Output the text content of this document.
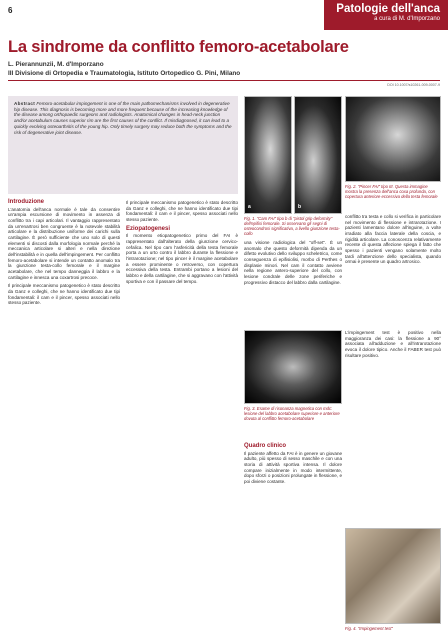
6	Patologie dell'anca
a cura di M. d'Imporzano
La sindrome da conflitto femoro-acetabolare
L. Pierannunzii, M. d'Imporzano
III Divisione di Ortopedia e Traumatologia, Istituto Ortopedico G. Pini, Milano
DOI 10.1007/s10261-009-0007-9
Abstract Femoro-acetabular impingement is one of the main pathomechanisms involved in degenerative hip disease. This diagnosis is becoming more and more frequent because of the increasing knowledge of the disease among orthopaedic surgeons and radiologists. Anatomical changes in head-neck junction and/or acetabulum causes superior rim are the first causes of the conflict. If misdiagnosed, it can lead to a quickly evolving osteoarthritis of the young hip. Only timely surgery may reduce both the symptoms and the risk of degenerative joint disease.
Introduzione

L'anatomia dell'anca normale è tale da consentire un'ampia escursione di movimento in assenza di conflitto tra i capi articolari. Il vantaggio rappresentato da un'enartrosi ben congruente è la notevole stabilità articolare e la distribuzione uniforme dei carichi sulla cartilagine. È però sufficiente che uno solo di questi elementi si discosti dalla morfologia normale perché la meccanica articolare si alteri e nella direzione dell'instabilità e in quella dell'impingement. Per conflitto femoro-acetabolare si intende un contatto anomalo tra la giunzione testa-collo femorale e il margine acetabolare, che nel tempo danneggia il labbro e la cartilagine e innesca una coxartrosi precoce.

Il principale meccanismo patogenetico è stato descritto da Ganz e colleghi, che ne hanno identificato due tipi fondamentali: il cam e il pincer, spesso associati nello stesso paziente.

Il principale meccanismo patogenetico è stato descritto da Ganz e colleghi, che ne hanno identificato due tipi fondamentali: il cam e il pincer, spesso associati nello stesso paziente.

Eziopatogenesi

Il momento etiopatogenetico primo del FAI è rappresentato dall'alterato della giunzione cervico-cefalica. Nel tipo cam l'asfericità della testa femorale porta a un urto contro il labbro durante la flessione e l'intrarotazione; nel tipo pincer è il margine acetabolare a essere prominente o retroverso, con copertura eccessiva della testa. Entrambi portano a lesioni del labbro e della cartilagine, che si aggravano con l'attività sportiva e con il passare del tempo.

a	b
Fig. 1. "Cam FAI" tipo b di "pistol grip deformity" dell'epifisi femorale. Si osservano gli segni di osteocondrosi significativa, a livello giunzione testa-collo

una visione radiologica del "off-set". È un anomalo che questo deformità dipenda da un difetto evolutivo dello sviluppo scheletrico, come conseguenza di epifisiolisi, morbo di Perthes o displasie minori. Nel cam il contatto avviene nella regione antero-superiore del collo, con lesione condrale delle zone periferiche e progressivo distacco del labbro dalla cartilagine.

Fig. 2. "Pincer FAI" tipo III. Questa immagine mostra la presenza dell'anca coxa profunda, con copertura anteriore eccessiva della testa femorale

conflitto tra testa e collo si verifica in particolare nel movimento di flessione e intrarotazione. I pazienti lamentano dolore all'inguine, a volte irradiato alla faccia laterale della coscia, e rigidità articolare. La conoscenza relativamente recente di questa affezione spiega il fatto che spesso i pazienti vengano solamente molto tardi all'attenzione dello specialista, quando ormai è presente un quadro artrosico.

Fig. 3. Esame di risonanza magnetica con mdc: lesione del labbro acetabolare superiore e anteriore dovuta al conflitto femoro-acetabolare
Quadro clinico

Il paziente affetto da FAI è in genere un giovane adulto, più spesso di sesso maschile e con una storia di attività sportiva intensa. Il dolore compare inizialmente in modo intermittente, dopo sforzi o posizioni prolungate in flessione, e poi diviene costante.

L'impingement test è positivo nella maggioranza dei casi: la flessione a 90° associata all'adduzione e all'intrarotazione evoca il dolore tipico. Anche il FABER test può risultare positivo.

Fig. 4. "Impingement test"
